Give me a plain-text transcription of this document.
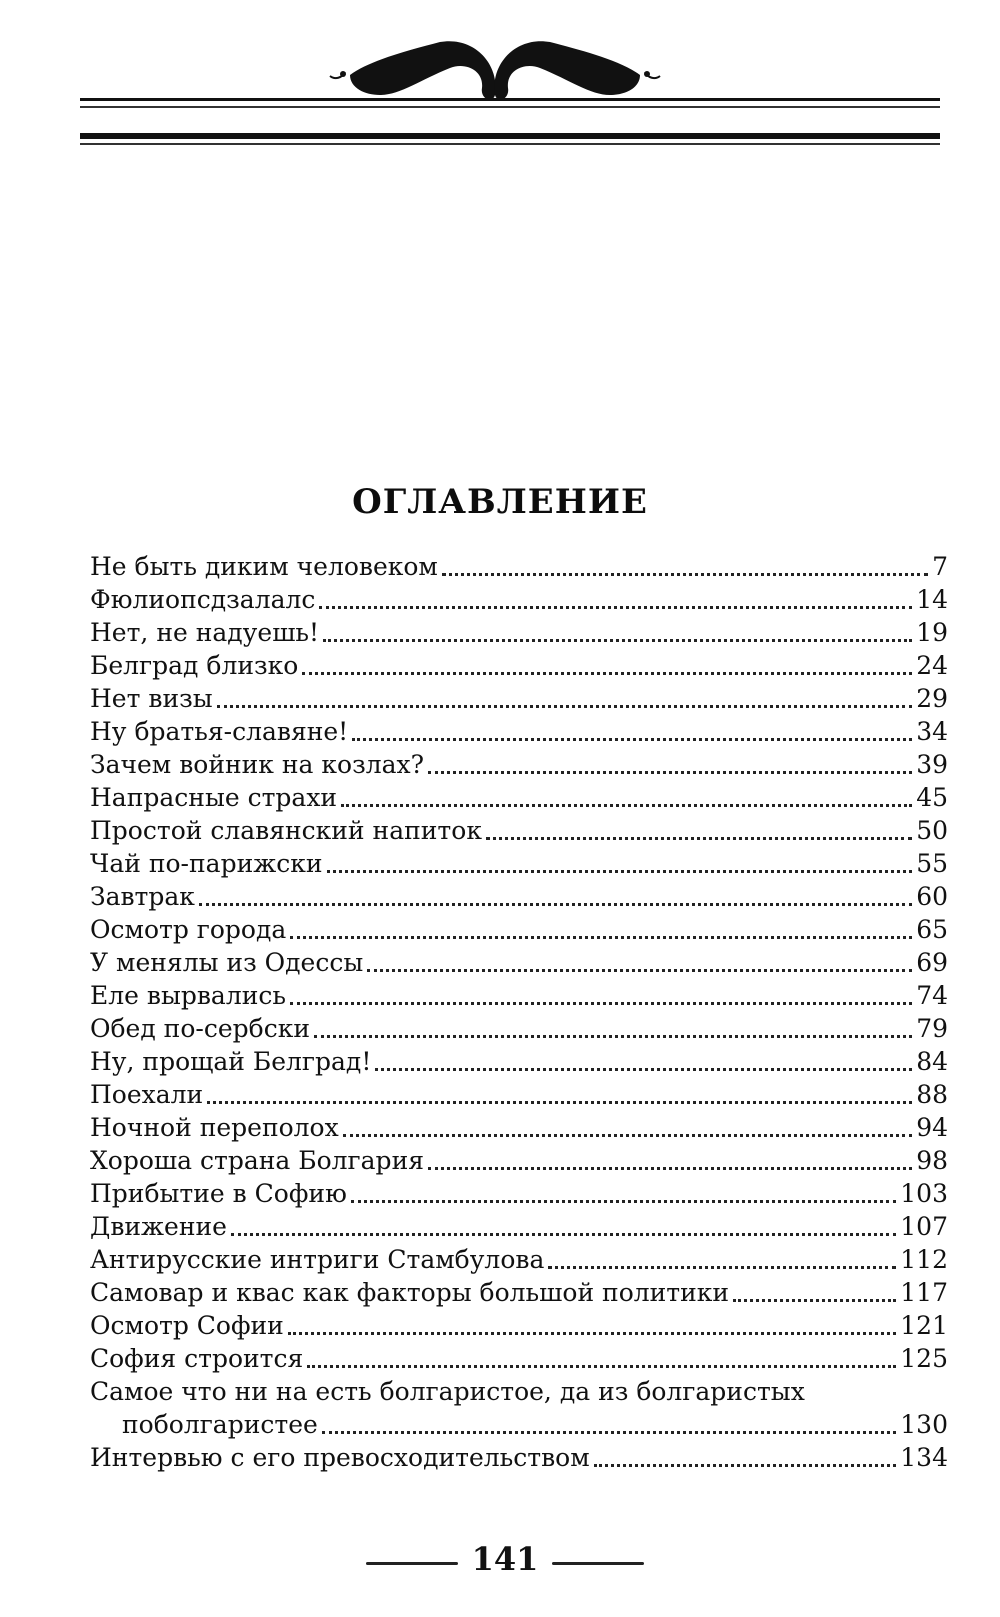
ОГЛАВЛЕНИЕ
Не быть диким человеком	7
Фюлиопсдзалалс	14
Нет, не надуешь!	19
Белград близко	24
Нет визы	29
Ну братья-славяне!	34
Зачем войник на козлах?	39
Напрасные страхи	45
Простой славянский напиток	50
Чай по-парижски	55
Завтрак	60
Осмотр города	65
У менялы из Одессы	69
Еле вырвались	74
Обед по-сербски	79
Ну, прощай Белград!	84
Поехали	88
Ночной переполох	94
Хороша страна Болгария	98
Прибытие в Софию	103
Движение	107
Антирусские интриги Стамбулова	112
Самовар и квас как факторы большой политики	117
Осмотр Софии	121
София строится	125
Самое что ни на есть болгаристое, да из болгаристых
поболгаристее	130
Интервью с его превосходительством	134
141
